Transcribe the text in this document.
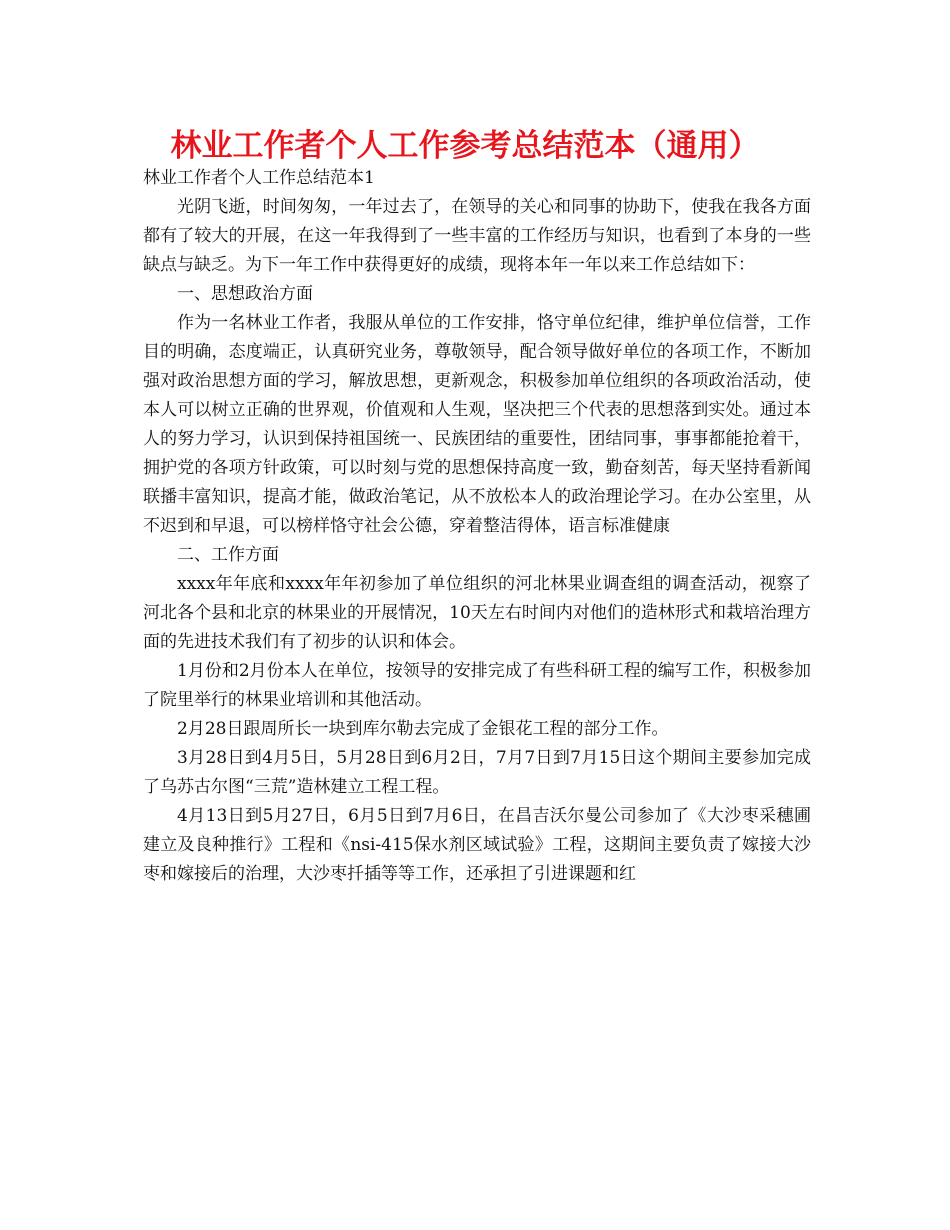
林业工作者个人工作参考总结范本（通用）

林业工作者个人工作总结范本1

光阴飞逝，时间匆匆，一年过去了，在领导的关心和同事的协助下，使我在我各方面都有了较大的开展，在这一年我得到了一些丰富的工作经历与知识，也看到了本身的一些缺点与缺乏。为下一年工作中获得更好的成绩，现将本年一年以来工作总结如下：

一、思想政治方面

作为一名林业工作者，我服从单位的工作安排，恪守单位纪律，维护单位信誉，工作目的明确，态度端正，认真研究业务，尊敬领导，配合领导做好单位的各项工作，不断加强对政治思想方面的学习，解放思想，更新观念，积极参加单位组织的各项政治活动，使本人可以树立正确的世界观，价值观和人生观，坚决把三个代表的思想落到实处。通过本人的努力学习，认识到保持祖国统一、民族团结的重要性，团结同事，事事都能抢着干，拥护党的各项方针政策，可以时刻与党的思想保持高度一致，勤奋刻苦，每天坚持看新闻联播丰富知识，提高才能，做政治笔记，从不放松本人的政治理论学习。在办公室里，从不迟到和早退，可以榜样恪守社会公德，穿着整洁得体，语言标准健康

二、工作方面

xxxx年年底和xxxx年年初参加了单位组织的河北林果业调查组的调查活动，视察了河北各个县和北京的林果业的开展情况，10天左右时间内对他们的造林形式和栽培治理方面的先进技术我们有了初步的认识和体会。

1月份和2月份本人在单位，按领导的安排完成了有些科研工程的编写工作，积极参加了院里举行的林果业培训和其他活动。

2月28日跟周所长一块到库尔勒去完成了金银花工程的部分工作。

3月28日到4月5日，5月28日到6月2日，7月7日到7月15日这个期间主要参加完成了乌苏古尔图“三荒”造林建立工程工程。

4月13日到5月27日，6月5日到7月6日，在昌吉沃尔曼公司参加了《大沙枣采穗圃建立及良种推行》工程和《nsi-415保水剂区域试验》工程，这期间主要负责了嫁接大沙枣和嫁接后的治理，大沙枣扦插等等工作，还承担了引进课题和红
